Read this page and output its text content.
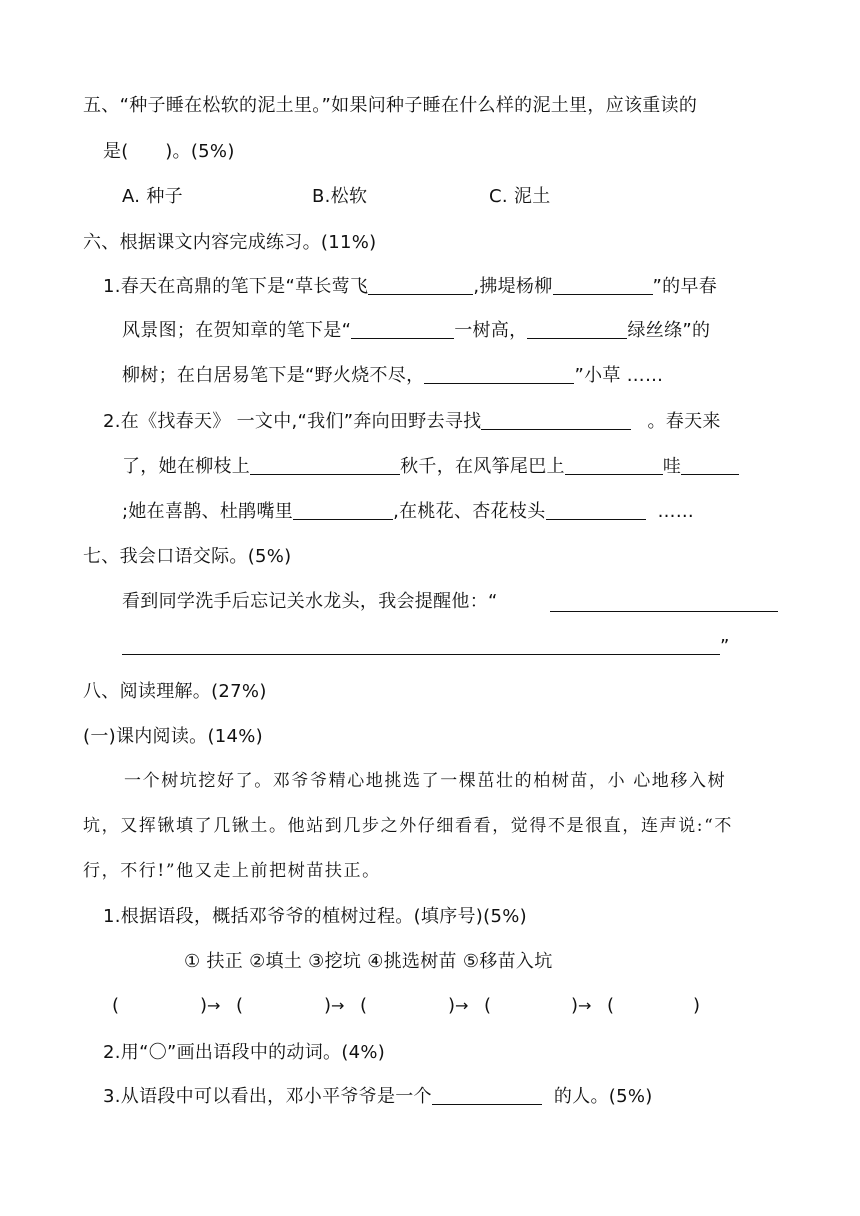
五、“种子睡在松软的泥土里。”如果问种子睡在什么样的泥土里，应该重读的
是(　　)。(5%)
A. 种子	B.松软	C. 泥土
六、根据课文内容完成练习。(11%)
1.春天在高鼎的笔下是“草长莺飞	,拂堤杨柳	”的早春
风景图；在贺知章的笔下是“	一树高，	绿丝绦”的
柳树；在白居易笔下是“野火烧不尽，	”小草 ……
2.在《找春天》 一文中,“我们”奔向田野去寻找	。春天来
了，她在柳枝上	秋千，在风筝尾巴上	哇
;她在喜鹊、杜鹃嘴里	,在桃花、杏花枝头	……
七、我会口语交际。(5%)
看到同学洗手后忘记关水龙头，我会提醒他：“
”
八、阅读理解。(27%)
(一)课内阅读。(14%)
一个树坑挖好了。邓爷爷精心地挑选了一棵茁壮的柏树苗，小 心地移入树
坑，又挥锹填了几锹土。他站到几步之外仔细看看，觉得不是很直，连声说:“不
行，不行!”他又走上前把树苗扶正。
1.根据语段，概括邓爷爷的植树过程。(填序号)(5%)
① 扶正 ②填土 ③挖坑 ④挑选树苗 ⑤移苗入坑
(	) → (	) → (	) → (	) → (	)
2.用“〇”画出语段中的动词。(4%)
3.从语段中可以看出，邓小平爷爷是一个	的人。(5%)
